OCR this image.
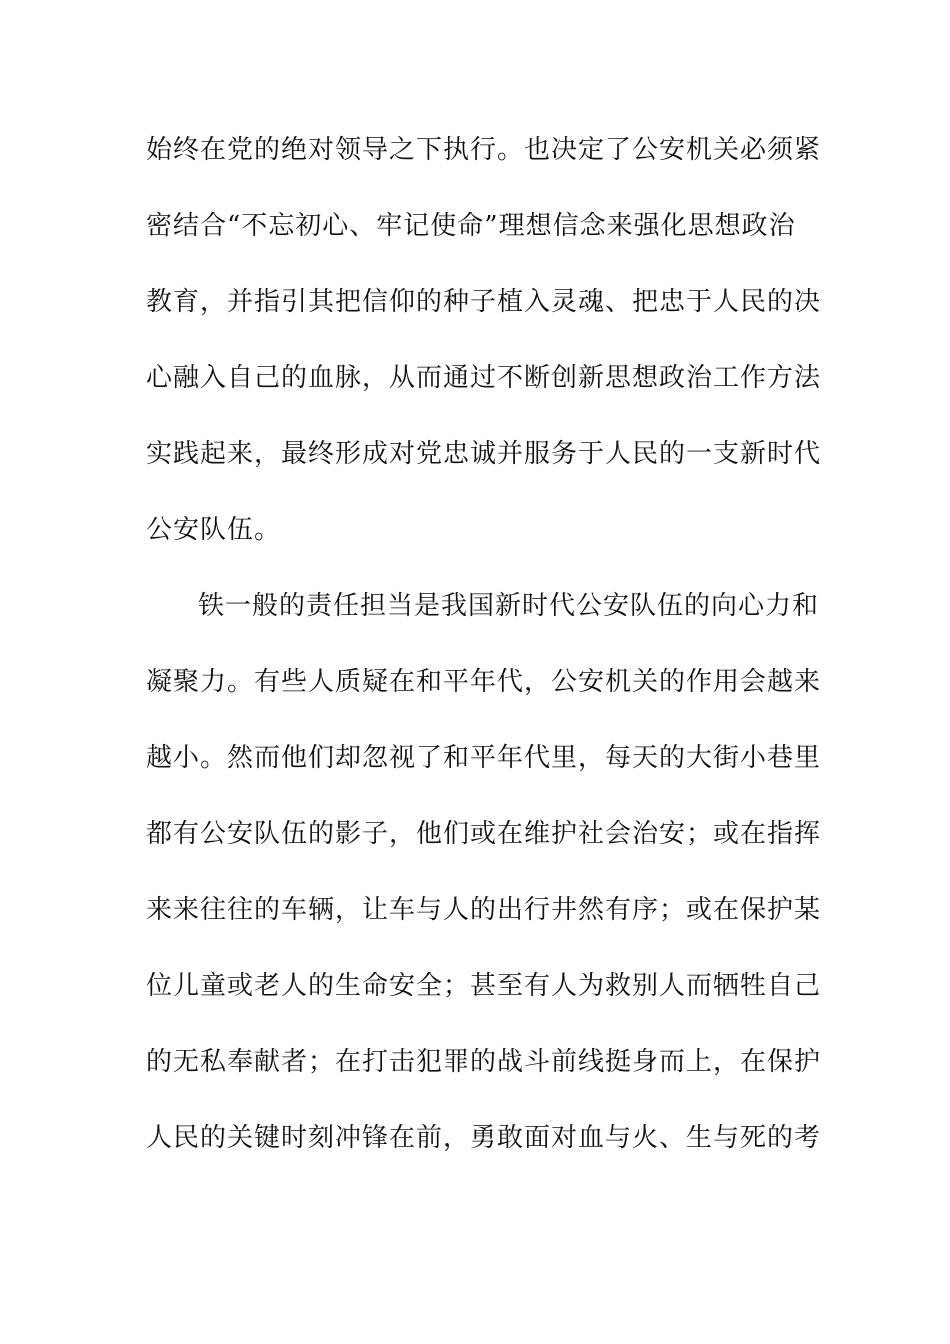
始终在党的绝对领导之下执行。也决定了公安机关必须紧
密结合“不忘初心、牢记使命”理想信念来强化思想政治
教育，并指引其把信仰的种子植入灵魂、把忠于人民的决
心融入自己的血脉，从而通过不断创新思想政治工作方法
实践起来，最终形成对党忠诚并服务于人民的一支新时代
公安队伍。
铁一般的责任担当是我国新时代公安队伍的向心力和
凝聚力。有些人质疑在和平年代，公安机关的作用会越来
越小。然而他们却忽视了和平年代里，每天的大街小巷里
都有公安队伍的影子，他们或在维护社会治安；或在指挥
来来往往的车辆，让车与人的出行井然有序；或在保护某
位儿童或老人的生命安全；甚至有人为救别人而牺牲自己
的无私奉献者；在打击犯罪的战斗前线挺身而上，在保护
人民的关键时刻冲锋在前，勇敢面对血与火、生与死的考
